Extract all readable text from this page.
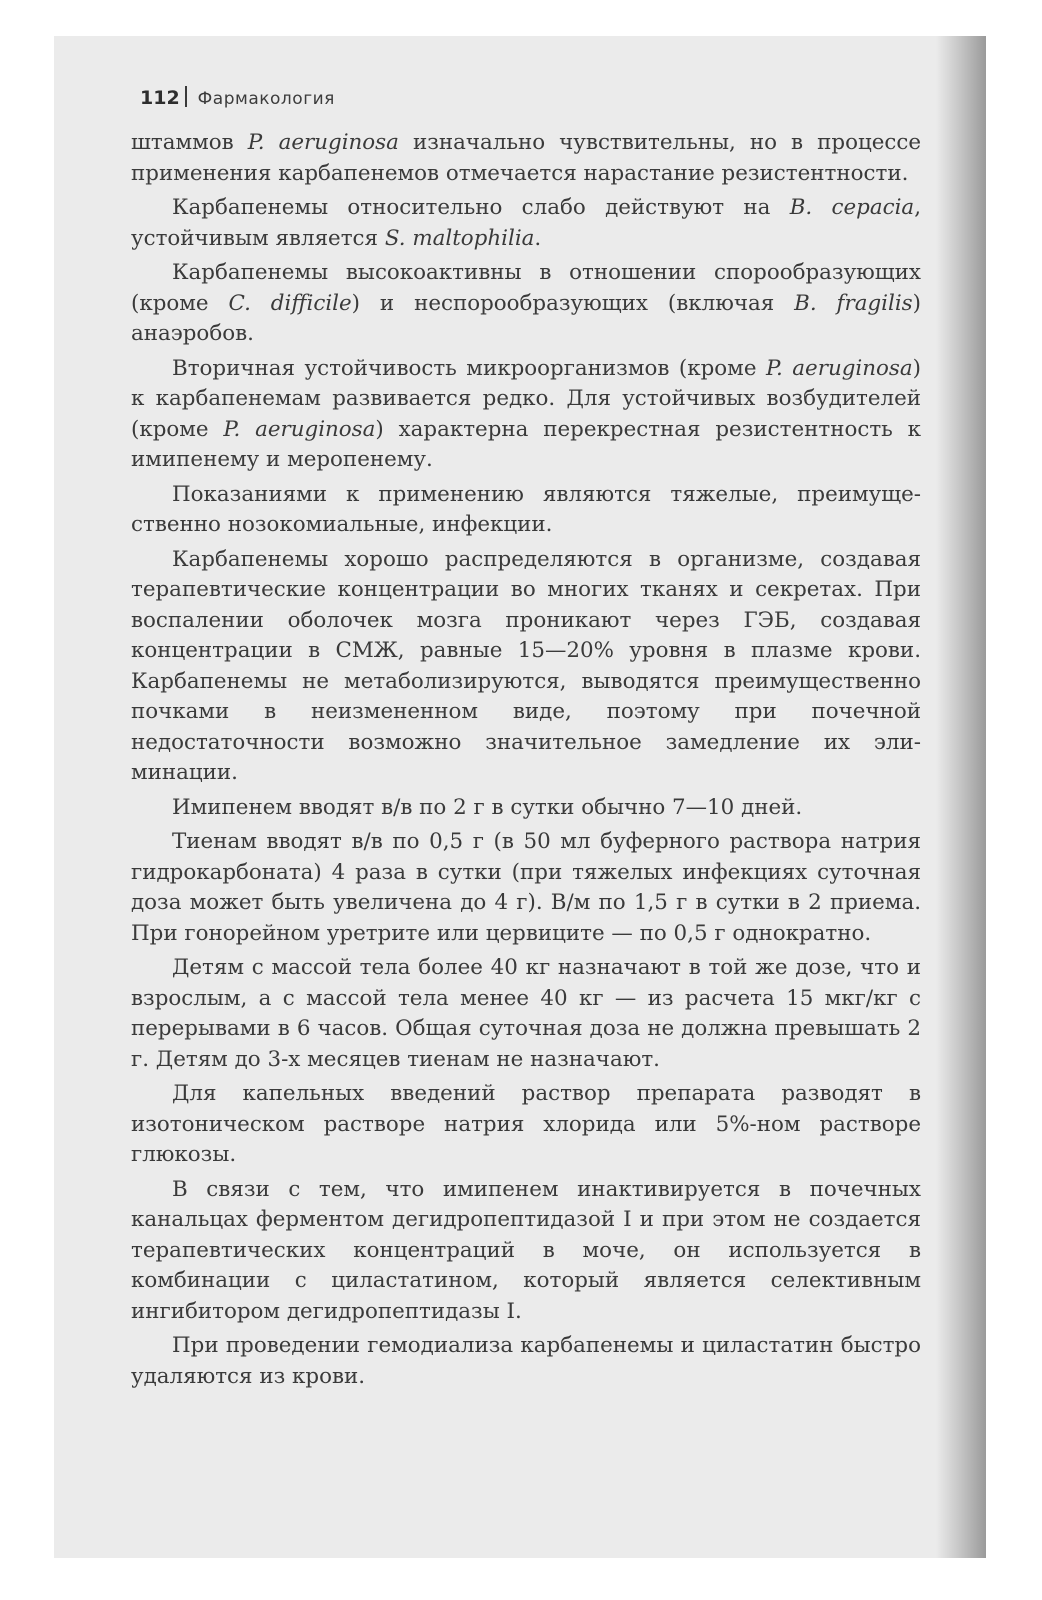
112 Фармакология

штаммов P. aeruginosa изначально чувствительны, но в процессе применения карбапенемов отмечается нарастание резистентности.

Карбапенемы относительно слабо действуют на B. cepacia, устойчивым является S. maltophilia.

Карбапенемы высокоактивны в отношении спорообразующих (кроме C. difficile) и неспорообразующих (включая B. fragilis) анаэробов.

Вторичная устойчивость микроорганизмов (кроме P. aeruginosa) к карбапенемам развивается редко. Для устойчивых возбудителей (кроме P. aeruginosa) характерна перекрестная резистентность к имипенему и меропенему.

Показаниями к применению являются тяжелые, преимущественно нозокомиальные, инфекции.

Карбапенемы хорошо распределяются в организме, создавая терапевтические концентрации во многих тканях и секретах. При воспалении оболочек мозга проникают через ГЭБ, создавая концентрации в СМЖ, равные 15—20% уровня в плазме крови. Карбапенемы не метаболизируются, выводятся преимущественно почками в неизмененном виде, поэтому при почечной недостаточности возможно значительное замедление их элиминации.

Имипенем вводят в/в по 2 г в сутки обычно 7—10 дней.

Тиенам вводят в/в по 0,5 г (в 50 мл буферного раствора натрия гидрокарбоната) 4 раза в сутки (при тяжелых инфекциях суточная доза может быть увеличена до 4 г). В/м по 1,5 г в сутки в 2 приема. При гонорейном уретрите или цервиците — по 0,5 г однократно.

Детям с массой тела более 40 кг назначают в той же дозе, что и взрослым, а с массой тела менее 40 кг — из расчета 15 мкг/кг с перерывами в 6 часов. Общая суточная доза не должна превышать 2 г. Детям до 3-х месяцев тиенам не назначают.

Для капельных введений раствор препарата разводят в изотоническом растворе натрия хлорида или 5%-ном растворе глюкозы.

В связи с тем, что имипенем инактивируется в почечных канальцах ферментом дегидропептидазой I и при этом не создается терапевтических концентраций в моче, он используется в комбинации с циластатином, который является селективным ингибитором дегидропептидазы I.

При проведении гемодиализа карбапенемы и циластатин быстро удаляются из крови.
